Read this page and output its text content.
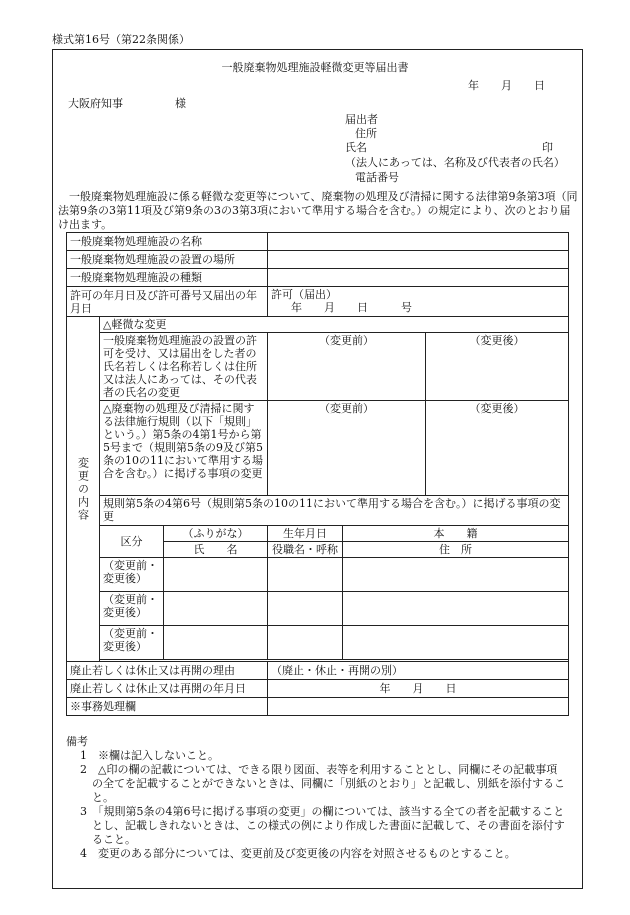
様式第16号（第22条関係）
一般廃棄物処理施設軽微変更等届出書
年　　月　　日
大阪府知事	様
届出者
住所
氏名	印
（法人にあっては、名称及び代表者の氏名）
電話番号
一般廃棄物処理施設に係る軽微な変更等について、廃棄物の処理及び清掃に関する法律第9条第3項（同法第9条の3第11項及び第9条の3の3第3項において準用する場合を含む。）の規定により、次のとおり届け出ます。
一般廃棄物処理施設の名称					
一般廃棄物処理施設の設置の場所					
一般廃棄物処理施設の種類					
許可の年月日及び許可番号又届出の年月日			許可（届出）
年　　月　　日　　　号		

変更の内容	△軽微な変更				
	一般廃棄物処理施設の設置の許可を受け、又は届出をした者の氏名若しくは名称若しくは住所又は法人にあっては、その代表者の氏名の変更		（変更前）		（変更後）
	△廃棄物の処理及び清掃に関する法律施行規則（以下「規則」という。）第5条の4第1号から第5号まで（規則第5条の9及び第5条の10の11において準用する場合を含む。）に掲げる事項の変更		（変更前）		（変更後）
	規則第5条の4第6号（規則第5条の10の11において準用する場合を含む。）に掲げる事項の変更				
	区分	（ふりがな）	生年月日	本　　籍	
		氏　　名	役職名・呼称	住　所	
	（変更前・変更後）				
	（変更前・変更後）				
	（変更前・変更後）				

廃止若しくは休止又は再開の理由			（廃止・休止・再開の別）		
廃止若しくは休止又は再開の年月日			年　　月　　日		
※事務処理欄					
備考
1　※欄は記入しないこと。
2　△印の欄の記載については、できる限り図面、表等を利用することとし、同欄にその記載事項の全てを記載することができないときは、同欄に「別紙のとおり」と記載し、別紙を添付すること。
3　「規則第5条の4第6号に掲げる事項の変更」の欄については、該当する全ての者を記載することとし、記載しきれないときは、この様式の例により作成した書面に記載して、その書面を添付すること。
4　変更のある部分については、変更前及び変更後の内容を対照させるものとすること。
